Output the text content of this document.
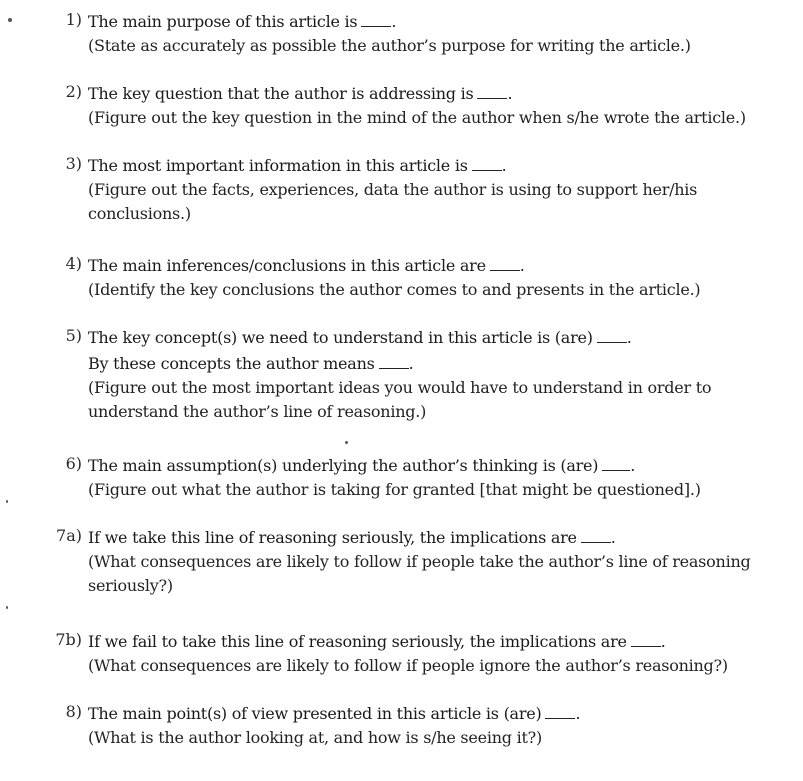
1) The main purpose of this article is .
(State as accurately as possible the author’s purpose for writing the article.)
2) The key question that the author is addressing is .
(Figure out the key question in the mind of the author when s/he wrote the article.)
3) The most important information in this article is .
(Figure out the facts, experiences, data the author is using to support her/his
conclusions.)
4) The main inferences/conclusions in this article are .
(Identify the key conclusions the author comes to and presents in the article.)
5) The key concept(s) we need to understand in this article is (are) .
By these concepts the author means .
(Figure out the most important ideas you would have to understand in order to
understand the author’s line of reasoning.)
6) The main assumption(s) underlying the author’s thinking is (are) .
(Figure out what the author is taking for granted [that might be questioned].)
7a) If we take this line of reasoning seriously, the implications are .
(What consequences are likely to follow if people take the author’s line of reasoning
seriously?)
7b) If we fail to take this line of reasoning seriously, the implications are .
(What consequences are likely to follow if people ignore the author’s reasoning?)
8) The main point(s) of view presented in this article is (are) .
(What is the author looking at, and how is s/he seeing it?)
